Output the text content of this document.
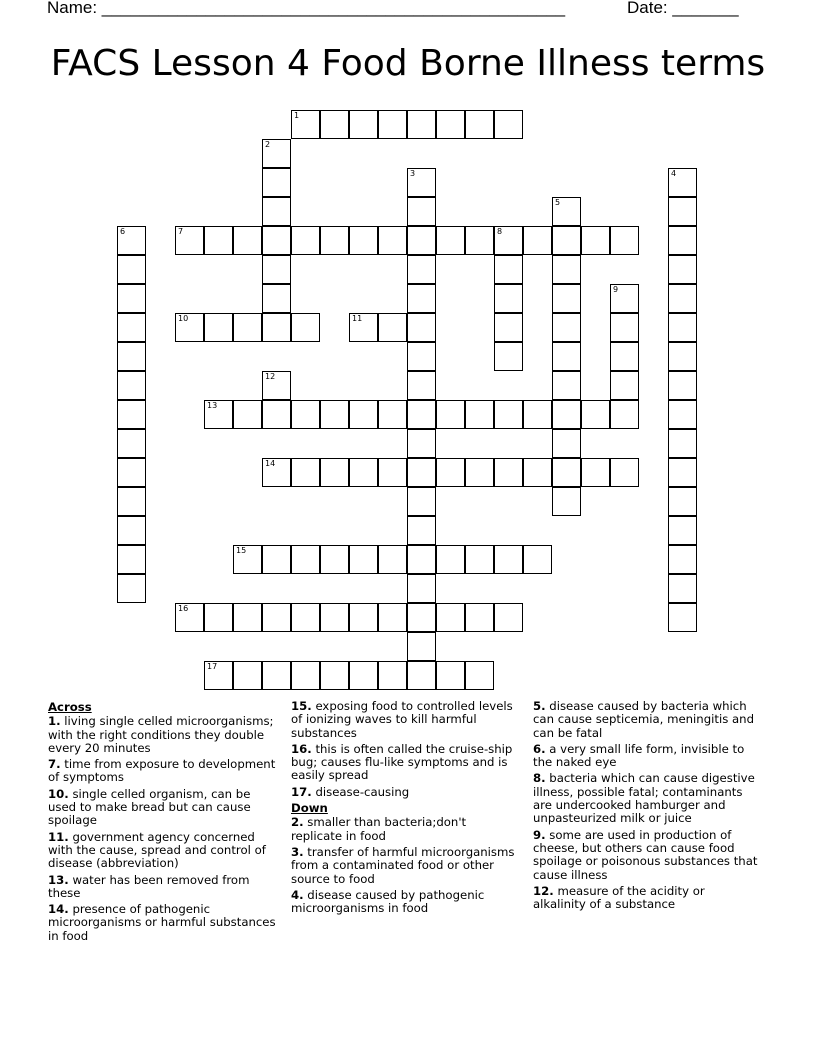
Name: _________________________________________________	Date: _______
FACS Lesson 4 Food Borne Illness terms
1
2
3	4
5
6	7	8
9
10	11
12
13
14
15
16
17
Across
1. living single celled microorganisms; with the right conditions they double every 20 minutes
7. time from exposure to development of symptoms
10. single celled organism, can be used to make bread but can cause spoilage
11. government agency concerned with the cause, spread and control of disease (abbreviation)
13. water has been removed from these
14. presence of pathogenic microorganisms or harmful substances in food
15. exposing food to controlled levels of ionizing waves to kill harmful substances
16. this is often called the cruise-ship bug; causes flu-like symptoms and is easily spread
17. disease-causing
Down
2. smaller than bacteria;don't replicate in food
3. transfer of harmful microorganisms from a contaminated food or other source to food
4. disease caused by pathogenic microorganisms in food
5. disease caused by bacteria which can cause septicemia, meningitis and can be fatal
6. a very small life form, invisible to the naked eye
8. bacteria which can cause digestive illness, possible fatal; contaminants are undercooked hamburger and unpasteurized milk or juice
9. some are used in production of cheese, but others can cause food spoilage or poisonous substances that cause illness
12. measure of the acidity or alkalinity of a substance
